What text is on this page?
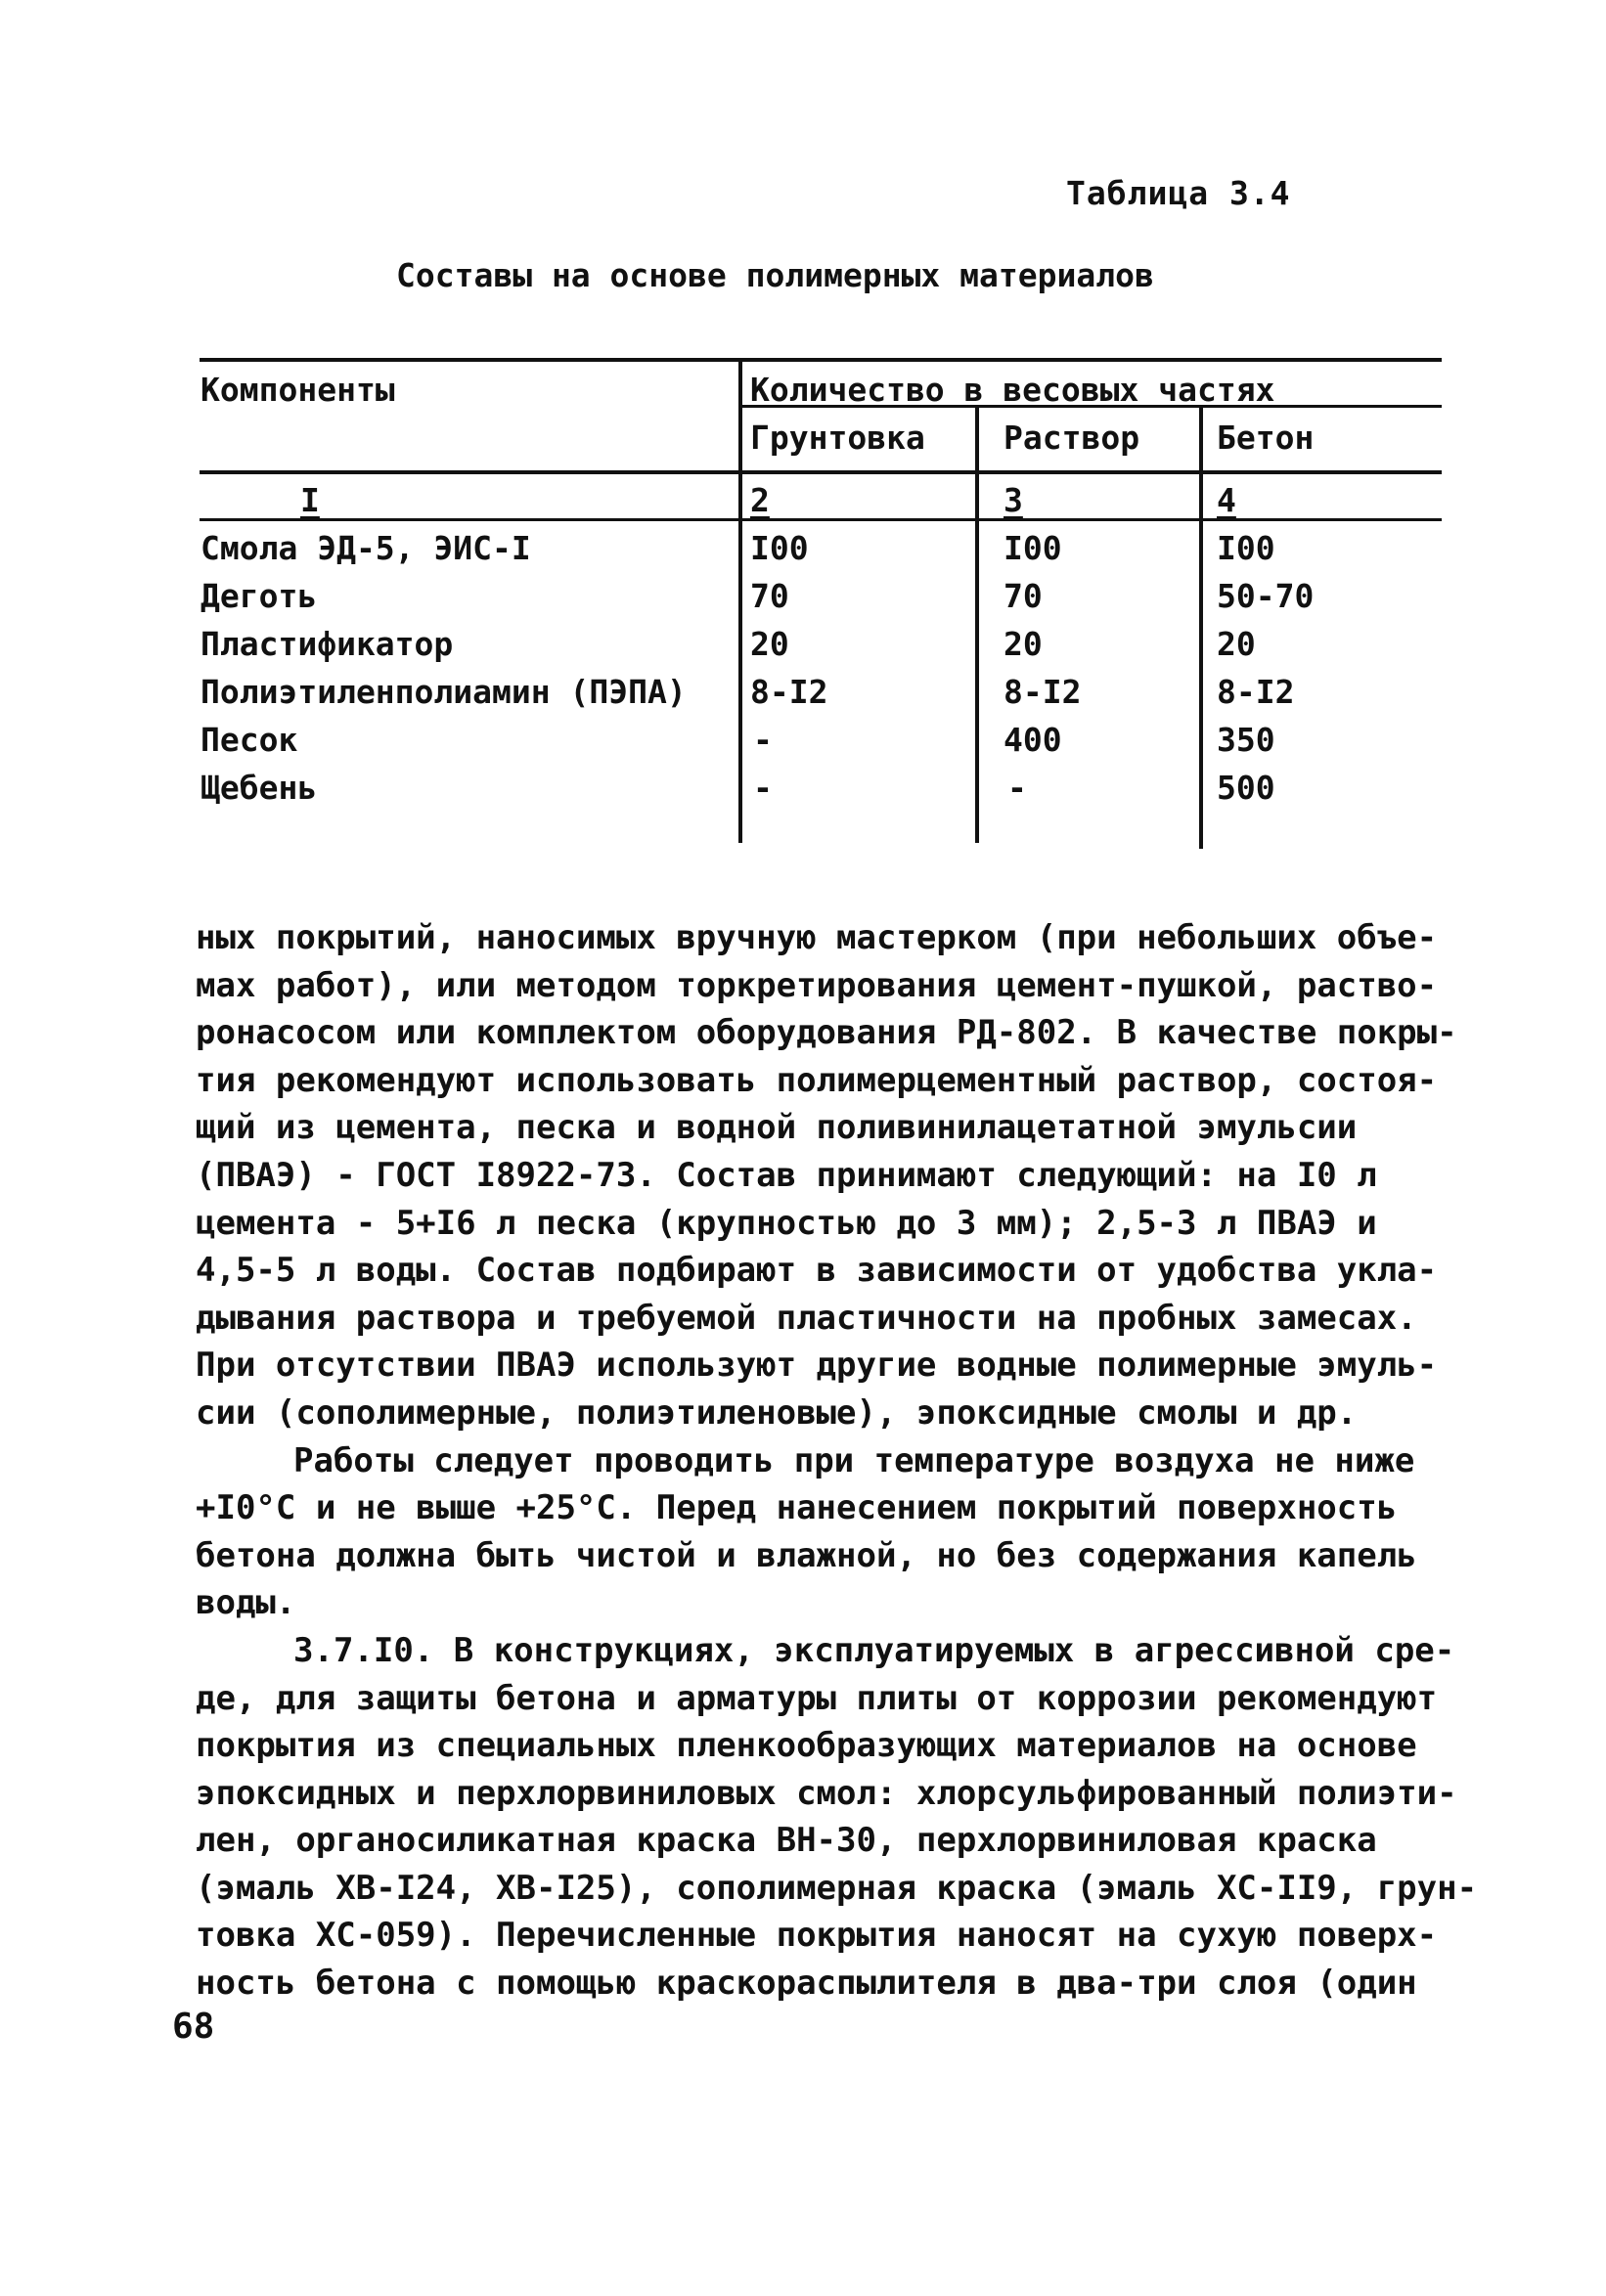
Таблица 3.4
Составы на основе полимерных материалов
Компоненты	Количество в весовых частях
Грунтовка Раствор Бетон
I	2	3	4
Смола ЭД-5, ЭИС-I	I00	I00	I00
Деготь	70	70	50-70
Пластификатор	20	20	20
Полиэтиленполиамин (ПЭПА) 8-I2	8-I2	8-I2
Песок	-	400	350
Щебень	-	-	500
ных покрытий, наносимых вручную мастерком (при небольших объе-
мах работ), или методом торкретирования цемент-пушкой, раство-
ронасосом или комплектом оборудования РД-802. В качестве покры-
тия рекомендуют использовать полимерцементный раствор, состоя-
щий из цемента, песка и водной поливинилацетатной эмульсии
(ПВАЭ) - ГОСТ I8922-73. Состав принимают следующий: на I0 л
цемента - 5+I6 л песка (крупностью до 3 мм); 2,5-3 л ПВАЭ и
4,5-5 л воды. Состав подбирают в зависимости от удобства укла-
дывания раствора и требуемой пластичности на пробных замесах.
При отсутствии ПВАЭ используют другие водные полимерные эмуль-
сии (сополимерные, полиэтиленовые), эпоксидные смолы и др.
Работы следует проводить при температуре воздуха не ниже
+I0°С и не выше +25°С. Перед нанесением покрытий поверхность
бетона должна быть чистой и влажной, но без содержания капель
воды.
3.7.I0. В конструкциях, эксплуатируемых в агрессивной сре-
де, для защиты бетона и арматуры плиты от коррозии рекомендуют
покрытия из специальных пленкообразующих материалов на основе
эпоксидных и перхлорвиниловых смол: хлорсульфированный полиэти-
лен, органосиликатная краска ВН-30, перхлорвиниловая краска
(эмаль ХВ-I24, ХВ-I25), сополимерная краска (эмаль ХС-II9, грун-
товка ХС-059). Перечисленные покрытия наносят на сухую поверх-
ность бетона с помощью краскораспылителя в два-три слоя (один
68
